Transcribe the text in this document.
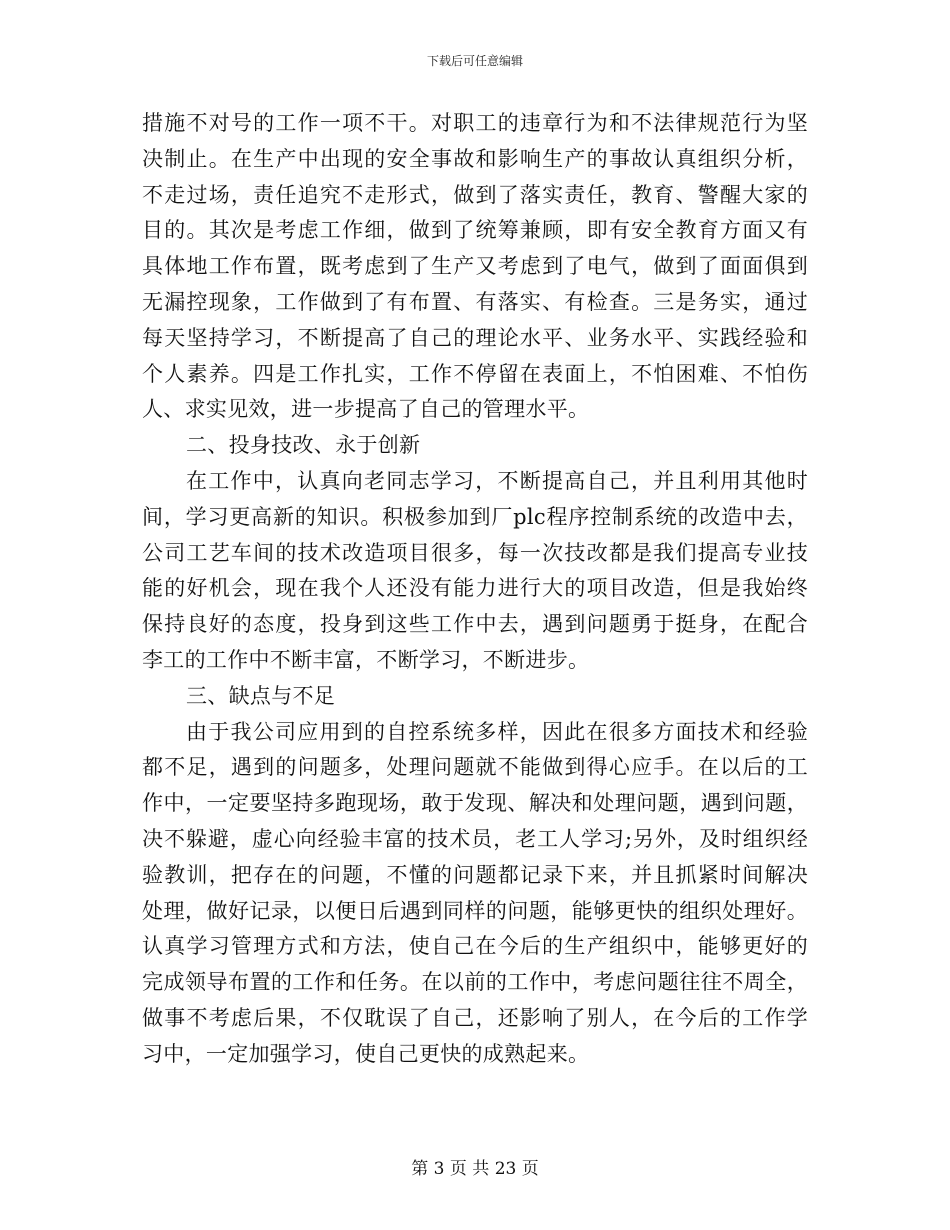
下载后可任意编辑
措施不对号的工作一项不干。对职工的违章行为和不法律规范行为坚
决制止。在生产中出现的安全事故和影响生产的事故认真组织分析，
不走过场，责任追究不走形式，做到了落实责任，教育、警醒大家的
目的。其次是考虑工作细，做到了统筹兼顾，即有安全教育方面又有
具体地工作布置，既考虑到了生产又考虑到了电气，做到了面面俱到
无漏控现象，工作做到了有布置、有落实、有检查。三是务实，通过
每天坚持学习，不断提高了自己的理论水平、业务水平、实践经验和
个人素养。四是工作扎实，工作不停留在表面上，不怕困难、不怕伤
人、求实见效，进一步提高了自己的管理水平。
二、投身技改、永于创新
在工作中，认真向老同志学习，不断提高自己，并且利用其他时
间，学习更高新的知识。积极参加到厂plc程序控制系统的改造中去，
公司工艺车间的技术改造项目很多，每一次技改都是我们提高专业技
能的好机会，现在我个人还没有能力进行大的项目改造，但是我始终
保持良好的态度，投身到这些工作中去，遇到问题勇于挺身，在配合
李工的工作中不断丰富，不断学习，不断进步。
三、缺点与不足
由于我公司应用到的自控系统多样，因此在很多方面技术和经验
都不足，遇到的问题多，处理问题就不能做到得心应手。在以后的工
作中，一定要坚持多跑现场，敢于发现、解决和处理问题，遇到问题，
决不躲避，虚心向经验丰富的技术员，老工人学习;另外，及时组织经
验教训，把存在的问题，不懂的问题都记录下来，并且抓紧时间解决
处理，做好记录，以便日后遇到同样的问题，能够更快的组织处理好。
认真学习管理方式和方法，使自己在今后的生产组织中，能够更好的
完成领导布置的工作和任务。在以前的工作中，考虑问题往往不周全，
做事不考虑后果，不仅耽误了自己，还影响了别人，在今后的工作学
习中，一定加强学习，使自己更快的成熟起来。
第 3 页 共 23 页
